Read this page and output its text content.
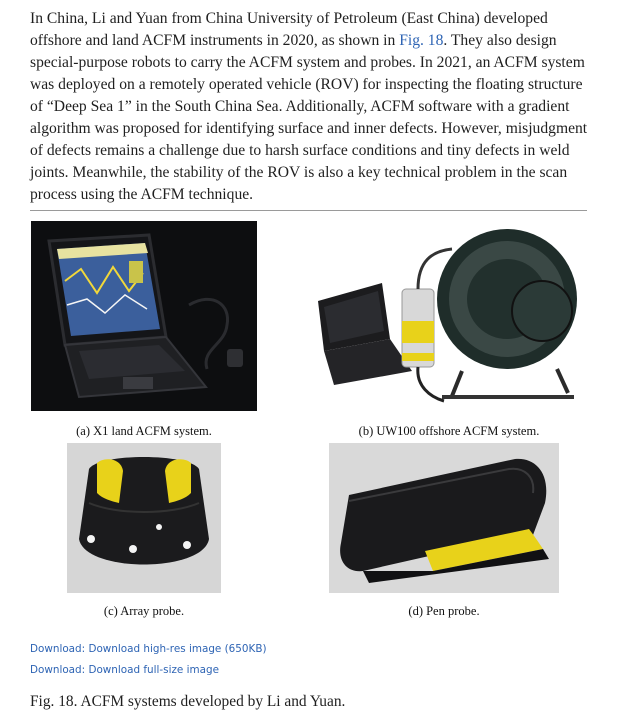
In China, Li and Yuan from China University of Petroleum (East China) developed offshore and land ACFM instruments in 2020, as shown in Fig. 18. They also design special-purpose robots to carry the ACFM system and probes. In 2021, an ACFM system was deployed on a remotely operated vehicle (ROV) for inspecting the floating structure of “Deep Sea 1” in the South China Sea. Additionally, ACFM software with a gradient algorithm was proposed for identifying surface and inner defects. However, misjudgment of defects remains a challenge due to harsh surface conditions and tiny defects in weld joints. Meanwhile, the stability of the ROV is also a key technical problem in the scan process using the ACFM technique.

(a) X1 land ACFM system.	(b) UW100 offshore ACFM system.
(c) Array probe.	(d) Pen probe.
Download: Download high-res image (650KB)
Download: Download full-size image

Fig. 18. ACFM systems developed by Li and Yuan.
